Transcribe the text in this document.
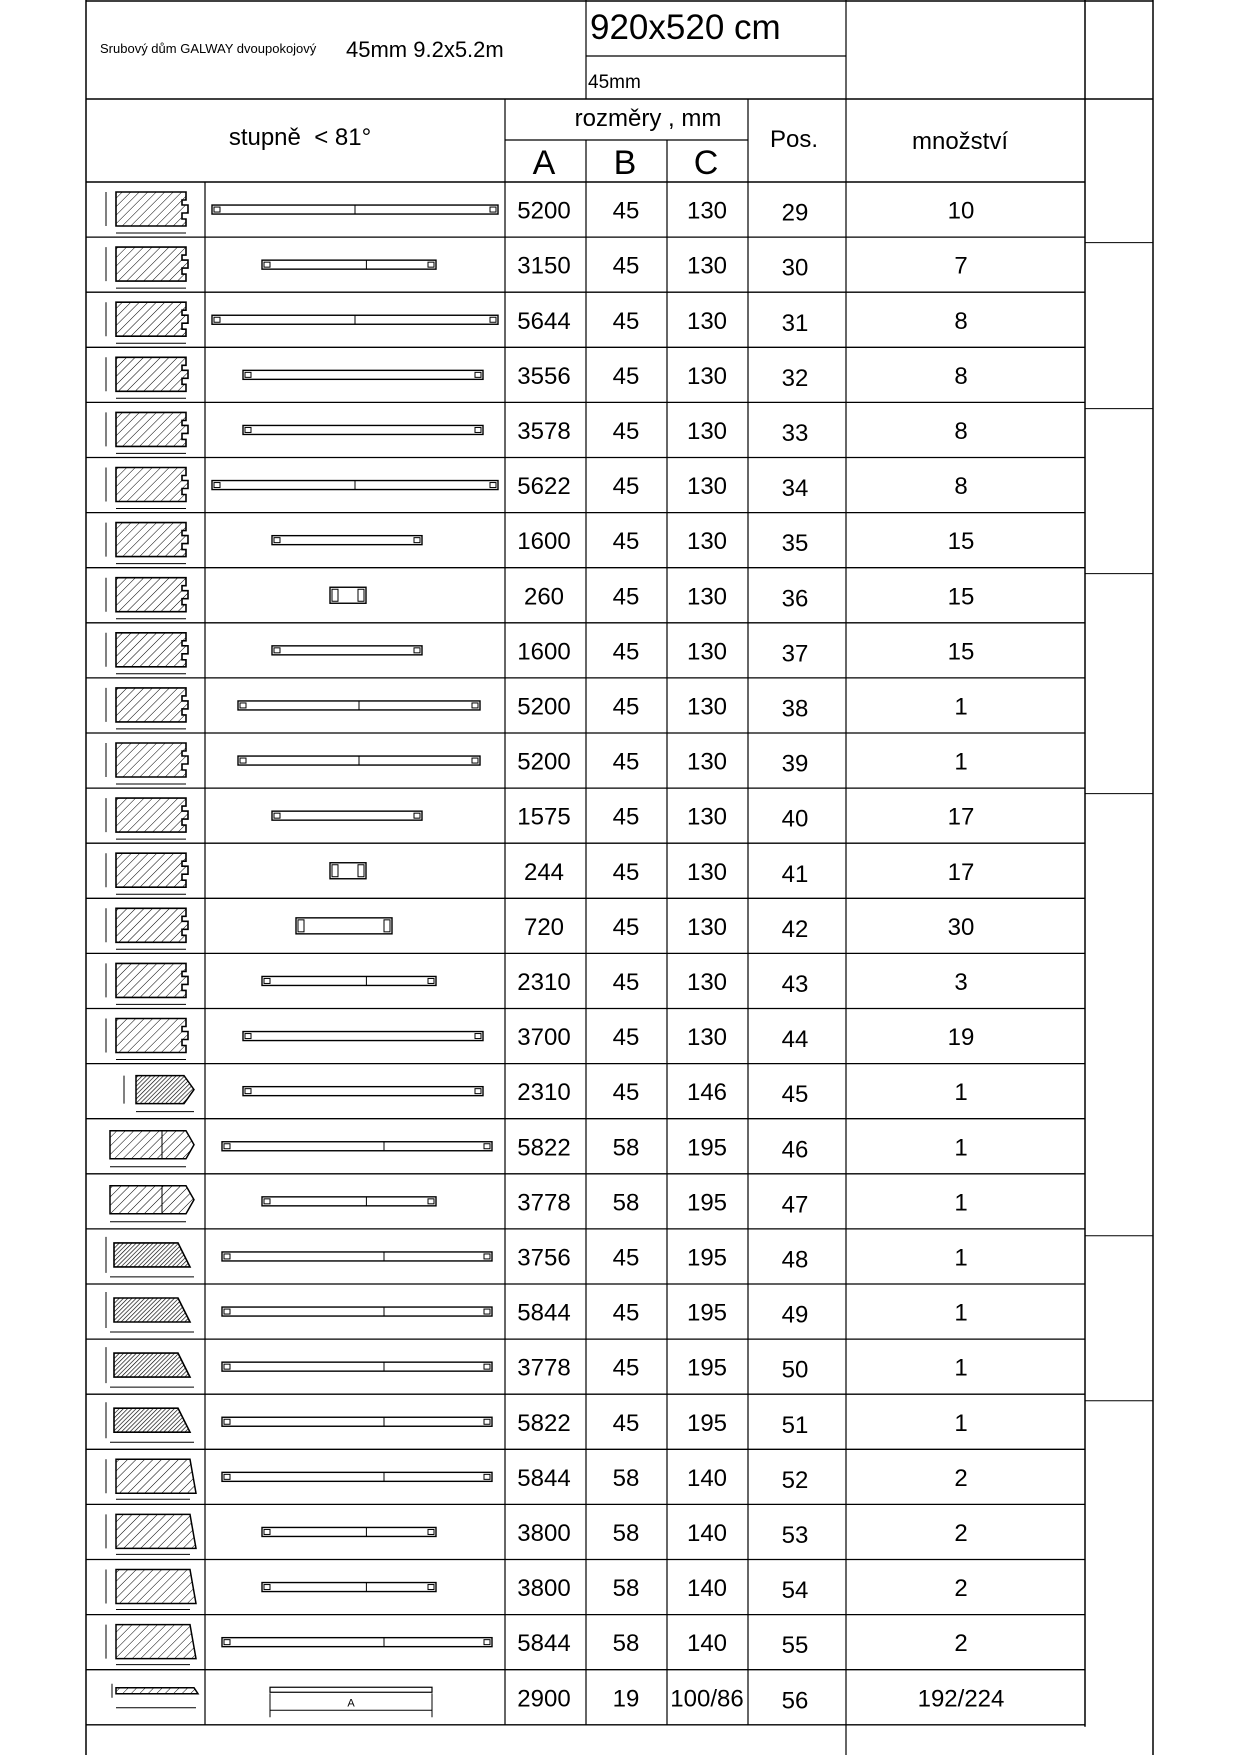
Srubový dům GALWAY dvoupokojový 45mm 9.2x5.2m
920x520 cm
45mm
stupně  < 81°
rozměry , mm
A B C
Pos.	množství
5200 45 130 29	10
3150 45 130 30	7
5644 45 130 31	8
3556 45 130 32	8
3578 45 130 33	8
5622 45 130 34	8
1600 45 130 35	15
260 45 130 36	15
1600 45 130 37	15
5200 45 130 38	1
5200 45 130 39	1
1575 45 130 40	17
244 45 130 41	17
720 45 130 42	30
2310 45 130 43	3
3700 45 130 44	19
2310 45 146 45	1
5822 58 195 46	1
3778 58 195 47	1
3756 45 195 48	1
5844 45 195 49	1
3778 45 195 50	1
5822 45 195 51	1
5844 58 140 52	2
3800 58 140 53	2
3800 58 140 54	2
5844 58 140 55	2
A	2900 19 100/86 56	192/224
